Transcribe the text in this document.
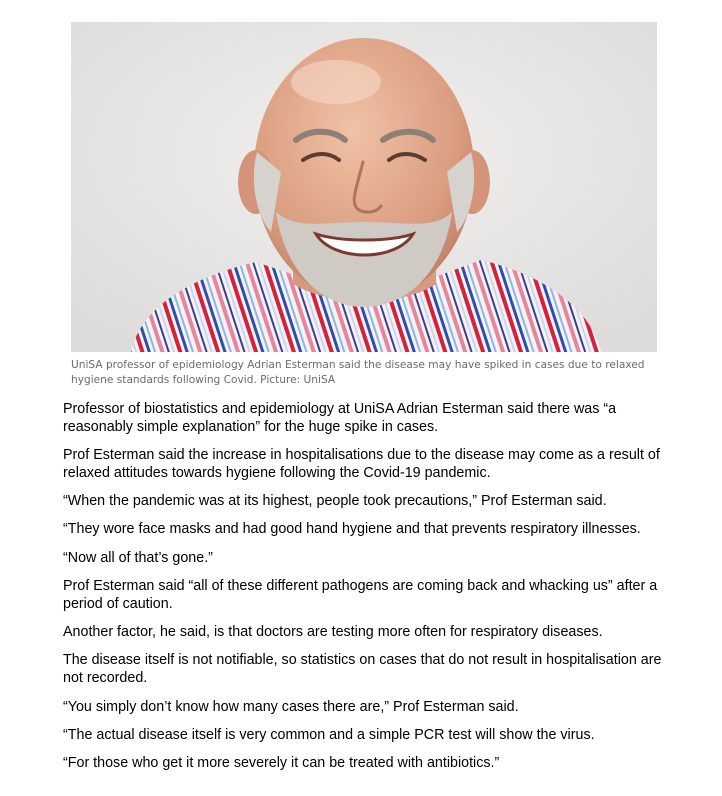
UniSA professor of epidemiology Adrian Esterman said the disease may have spiked in cases due to relaxed hygiene standards following Covid. Picture: UniSA

Professor of biostatistics and epidemiology at UniSA Adrian Esterman said there was “a reasonably simple explanation” for the huge spike in cases.

Prof Esterman said the increase in hospitalisations due to the disease may come as a result of relaxed attitudes towards hygiene following the Covid-19 pandemic.

“When the pandemic was at its highest, people took precautions,” Prof Esterman said.

“They wore face masks and had good hand hygiene and that prevents respiratory illnesses.

“Now all of that’s gone.”

Prof Esterman said “all of these different pathogens are coming back and whacking us” after a period of caution.

Another factor, he said, is that doctors are testing more often for respiratory diseases.

The disease itself is not notifiable, so statistics on cases that do not result in hospitalisation are not recorded.

“You simply don’t know how many cases there are,” Prof Esterman said.

“The actual disease itself is very common and a simple PCR test will show the virus.

“For those who get it more severely it can be treated with antibiotics.”
